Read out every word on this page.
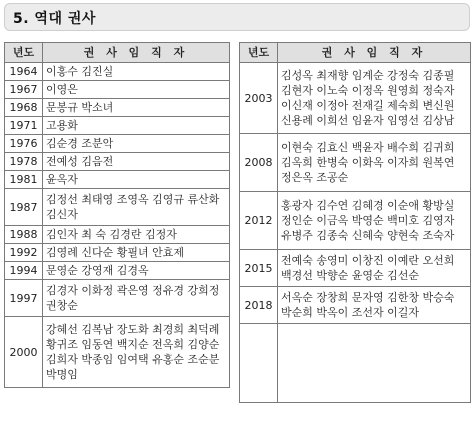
5. 역대 권사
년도	권 사 임 직 자
1964	이홍수 김진실
1967	이영은
1968	문봉규 박소녀
1971	고용화
1976	김순경 조분악
1978	전예성 김음전
1981	윤옥자
1987	김정선 최태영 조영옥 김영규 류산화 김신자
1988	김인자 최 숙 김경란 김정자
1992	김영례 신다순 황필녀 안효제
1994	문영순 강영재 김경옥
1997	김경자 이화정 곽은영 정유경 강희정 권창순
2000	강혜선 김복남 장도화 최경희 최덕례 황귀조 임동연 백지순 전옥희 김양순 김희자 박종임 임여택 유홍순 조순분 박명임
년도	권 사 임 직 자
2003	김성옥 최재향 임계순 강정숙 김종필 김현자 이노숙 이정옥 원영희 정숙자 이신재 이정아 전재길 제숙희 변신원 신용례 이희선 임윤자 임영선 김상남
2008	이현숙 김효신 백윤자 배수희 김귀희 김옥희 한병숙 이화옥 이자희 원복연 정은옥 조공순
2012	홍광자 김수연 김혜경 이순애 황방실 정인순 이금옥 박영순 백미호 김영자 유병주 김종숙 신혜숙 양현숙 조숙자
2015	전예숙 송영미 이창진 이예란 오선희 백경선 박향순 윤영순 김선순
2018	서옥순 장창희 문자영 김한창 박승숙 박순희 박옥이 조선자 이길자
